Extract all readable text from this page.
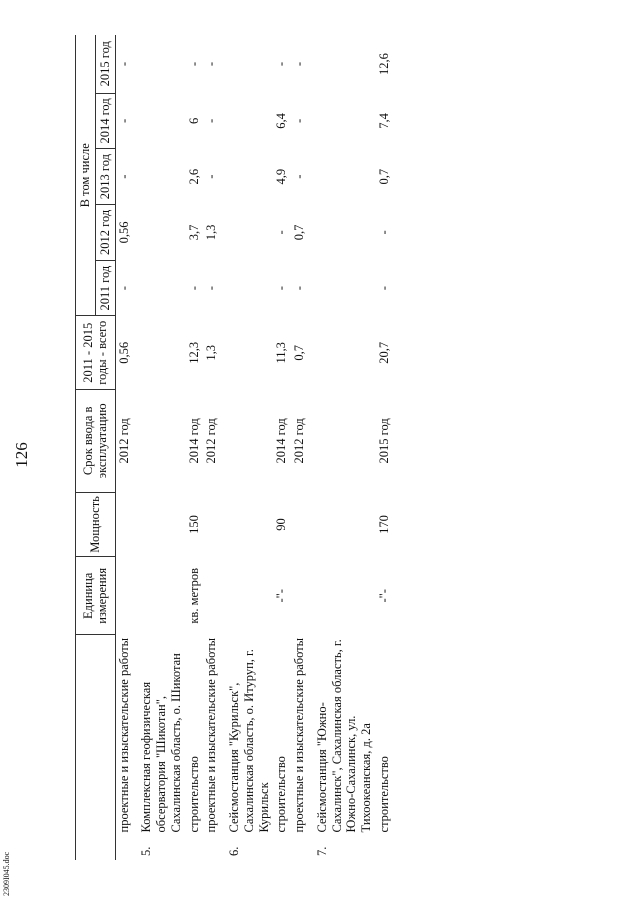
126
2309I045.doc
		Единица измерения	Мощность	Срок ввода в эксплуатацию	2011 - 2015 годы - всего	В том числе				
						2011 год	2012 год	2013 год	2014 год	2015 год
	проектные и изыскательские работы			2012 год	0,56	-	0,56	-	-	-
5.	Комплексная геофизическая обсерватория "Шикотан", Сахалинская область, о. Шикотан									
	строительство	кв. метров	150	2014 год	12,3	-	3,7	2,6	6	-
	проектные и изыскательские работы			2012 год	1,3	-	1,3	-	-	-
6.	Сейсмостанция "Курильск", Сахалинская область, о. Итуруп, г. Курильск									
	строительство	-"-	90	2014 год	11,3	-	-	4,9	6,4	-
	проектные и изыскательские работы			2012 год	0,7	-	0,7	-	-	-
7.	Сейсмостанция "Южно-Сахалинск", Сахалинская область, г. Южно-Сахалинск, ул. Тихоокеанская, д. 2а									
	строительство	-"-	170	2015 год	20,7	-	-	0,7	7,4	12,6
